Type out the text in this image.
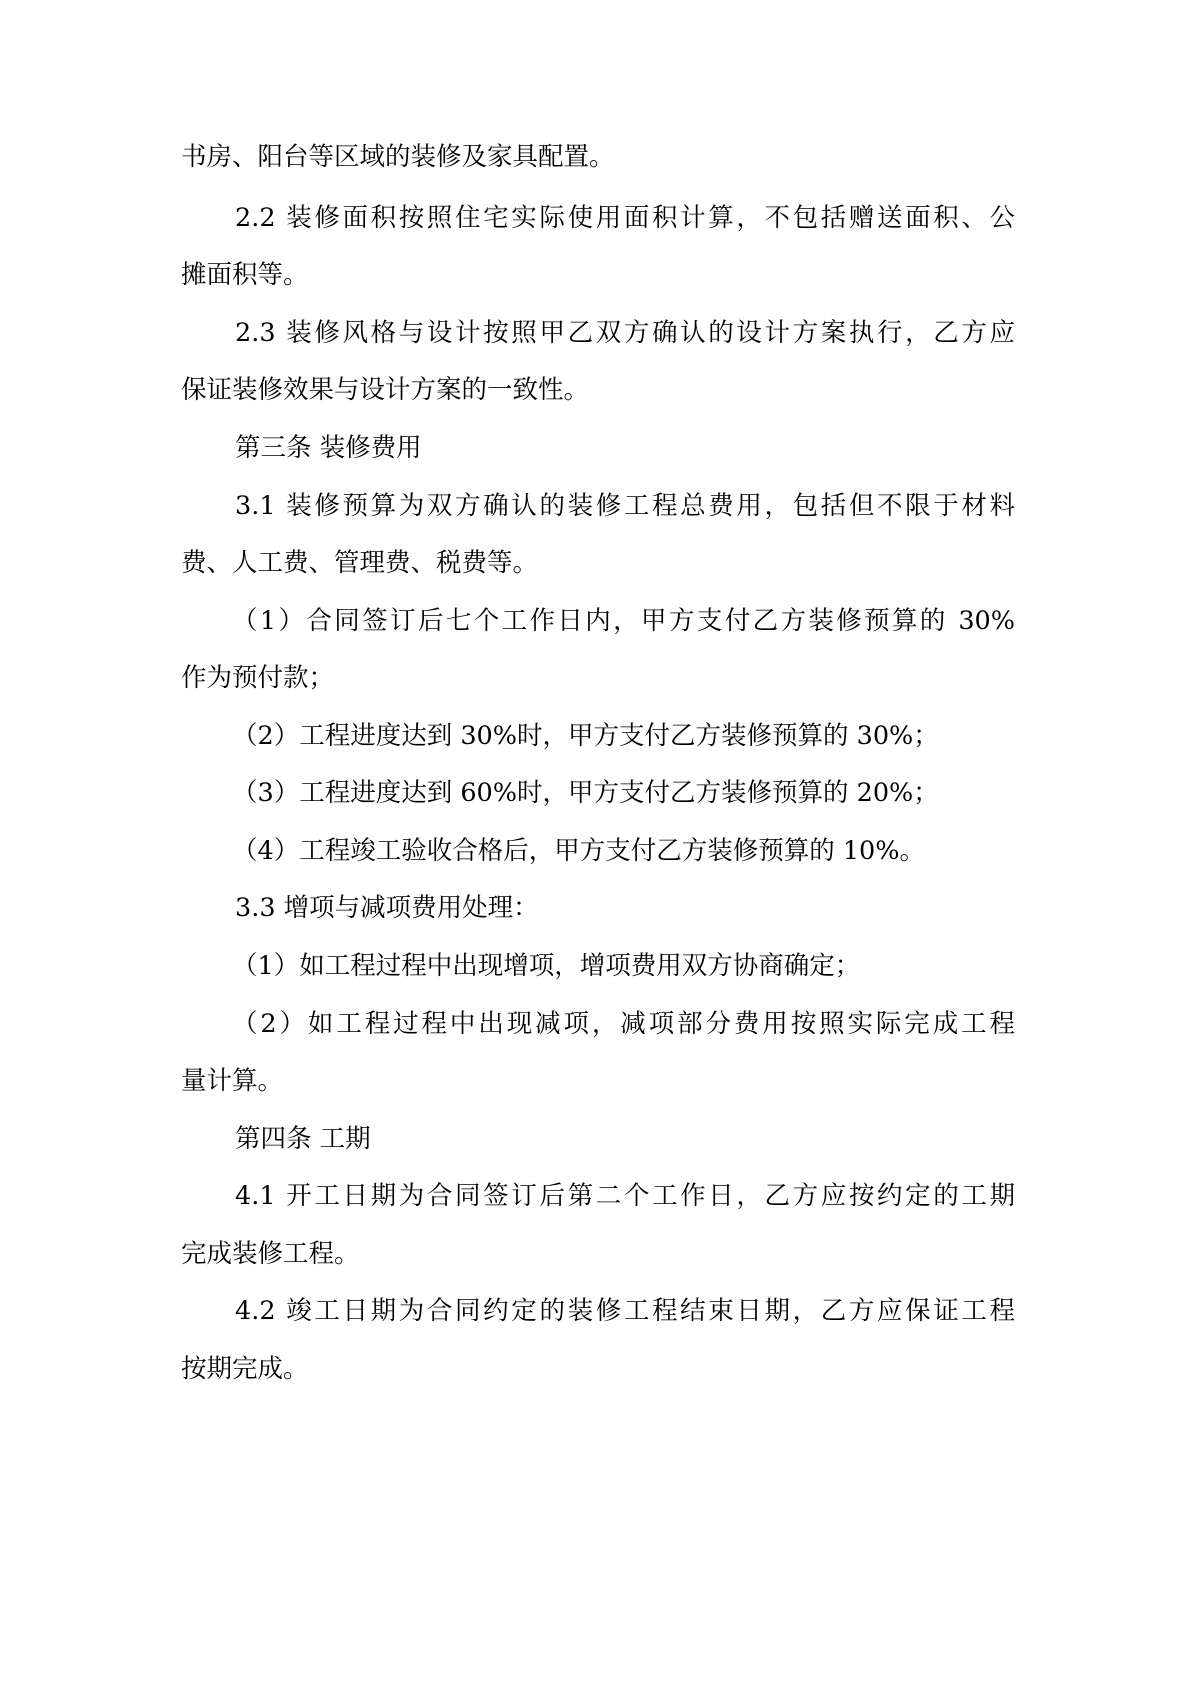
书房、阳台等区域的装修及家具配置。
2.2 装修面积按照住宅实际使用面积计算，不包括赠送面积、公
摊面积等。
2.3 装修风格与设计按照甲乙双方确认的设计方案执行，乙方应
保证装修效果与设计方案的一致性。
第三条 装修费用
3.1 装修预算为双方确认的装修工程总费用，包括但不限于材料
费、人工费、管理费、税费等。
（1）合同签订后七个工作日内，甲方支付乙方装修预算的 30%
作为预付款；
（2）工程进度达到 30%时，甲方支付乙方装修预算的 30%；
（3）工程进度达到 60%时，甲方支付乙方装修预算的 20%；
（4）工程竣工验收合格后，甲方支付乙方装修预算的 10%。
3.3 增项与减项费用处理：
（1）如工程过程中出现增项，增项费用双方协商确定；
（2）如工程过程中出现减项，减项部分费用按照实际完成工程
量计算。
第四条 工期
4.1 开工日期为合同签订后第二个工作日，乙方应按约定的工期
完成装修工程。
4.2 竣工日期为合同约定的装修工程结束日期，乙方应保证工程
按期完成。
